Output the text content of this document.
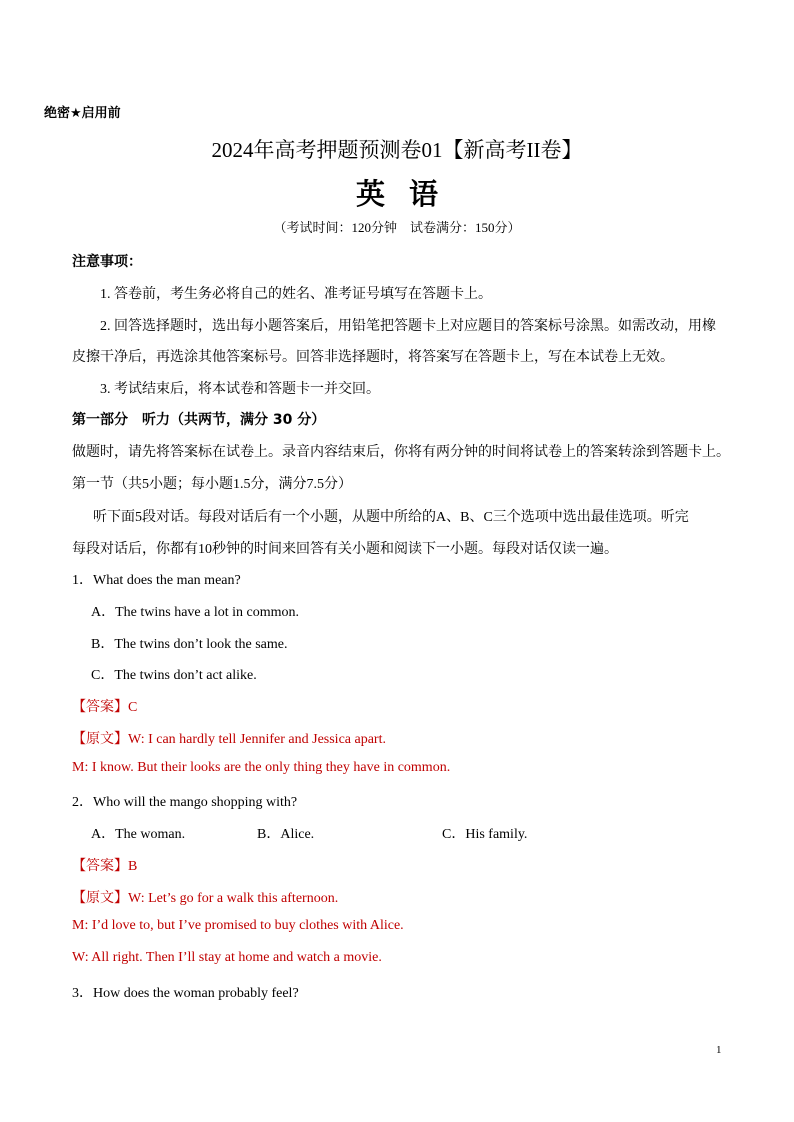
绝密★启用前
2024年高考押题预测卷01【新高考II卷】
英语
（考试时间：120分钟　试卷满分：150分）
注意事项：
1. 答卷前，考生务必将自己的姓名、准考证号填写在答题卡上。
2. 回答选择题时，选出每小题答案后，用铅笔把答题卡上对应题目的答案标号涂黑。如需改动，用橡
皮擦干净后，再选涂其他答案标号。回答非选择题时，将答案写在答题卡上，写在本试卷上无效。
3. 考试结束后，将本试卷和答题卡一并交回。
第一部分　听力（共两节，满分 30 分）
做题时，请先将答案标在试卷上。录音内容结束后，你将有两分钟的时间将试卷上的答案转涂到答题卡上。
第一节（共5小题；每小题1.5分，满分7.5分）
听下面5段对话。每段对话后有一个小题，从题中所给的A、B、C三个选项中选出最佳选项。听完
每段对话后，你都有10秒钟的时间来回答有关小题和阅读下一小题。每段对话仅读一遍。
1．What does the man mean?
A．The twins have a lot in common.
B．The twins don’t look the same.
C．The twins don’t act alike.
【答案】C
【原文】W: I can hardly tell Jennifer and Jessica apart.
M: I know. But their looks are the only thing they have in common.
2．Who will the mango shopping with?
A．The woman.	B．Alice.	C．His family.
【答案】B
【原文】W: Let’s go for a walk this afternoon.
M: I’d love to, but I’ve promised to buy clothes with Alice.
W: All right. Then I’ll stay at home and watch a movie.
3．How does the woman probably feel?
1
